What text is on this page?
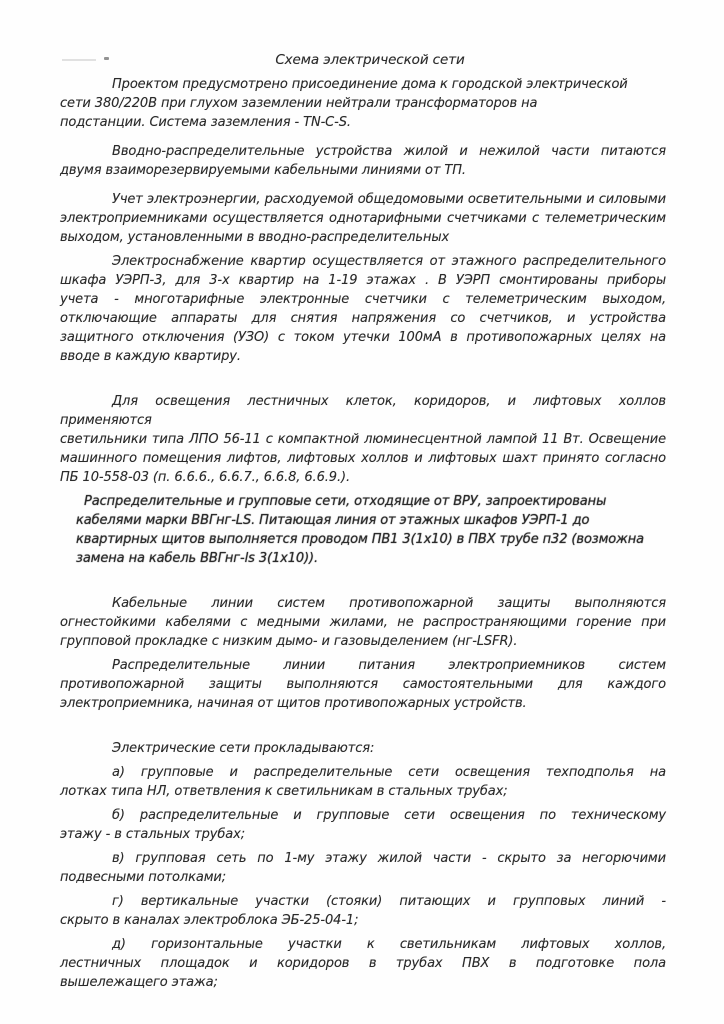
Схема электрической сети
Проектом предусмотрено присоединение дома к городской электрической
сети 380/220В при глухом заземлении нейтрали трансформаторов на
подстанции. Система заземления - TN-C-S.
Вводно-распределительные устройства жилой и нежилой части питаются
двумя взаиморезервируемыми кабельными линиями от ТП.
Учет электроэнергии, расходуемой общедомовыми осветительными и силовыми
электроприемниками осуществляется однотарифными счетчиками с телеметрическим
выходом, установленными в вводно-распределительных
Электроснабжение квартир осуществляется от этажного распределительного
шкафа УЭРП-3, для 3-х квартир на 1-19 этажах . В УЭРП смонтированы приборы
учета - многотарифные электронные счетчики с телеметрическим выходом,
отключающие аппараты для снятия напряжения со счетчиков, и устройства
защитного отключения (УЗО) с током утечки 100мА в противопожарных целях на
вводе в каждую квартиру.
Для освещения лестничных клеток, коридоров, и лифтовых холлов применяются
светильники типа ЛПО 56-11 с компактной люминесцентной лампой 11 Вт. Освещение
машинного помещения лифтов, лифтовых холлов и лифтовых шахт принято согласно
ПБ 10-558-03 (п. 6.6.6., 6.6.7., 6.6.8, 6.6.9.).
Распределительные и групповые сети, отходящие от ВРУ, запроектированы
кабелями марки ВВГнг-LS. Питающая линия от этажных шкафов УЭРП-1 до
квартирных щитов выполняется проводом ПВ1 3(1х10) в ПВХ трубе п32 (возможна
замена на кабель ВВГнг-ls 3(1х10)).
Кабельные линии систем противопожарной защиты выполняются
огнестойкими кабелями с медными жилами, не распространяющими горение при
групповой прокладке с низким дымо- и газовыделением (нг-LSFR).
Распределительные линии питания электроприемников систем
противопожарной защиты выполняются самостоятельными для каждого
электроприемника, начиная от щитов противопожарных устройств.
Электрические сети прокладываются:
а) групповые и распределительные сети освещения техподполья на
лотках типа НЛ, ответвления к светильникам в стальных трубах;
б) распределительные и групповые сети освещения по техническому
этажу - в стальных трубах;
в) групповая сеть по 1-му этажу жилой части - скрыто за негорючими
подвесными потолками;
г) вертикальные участки (стояки) питающих и групповых линий -
скрыто в каналах электроблока ЭБ-25-04-1;
д) горизонтальные участки к светильникам лифтовых холлов,
лестничных площадок и коридоров в трубах ПВХ в подготовке пола
вышележащего этажа;
